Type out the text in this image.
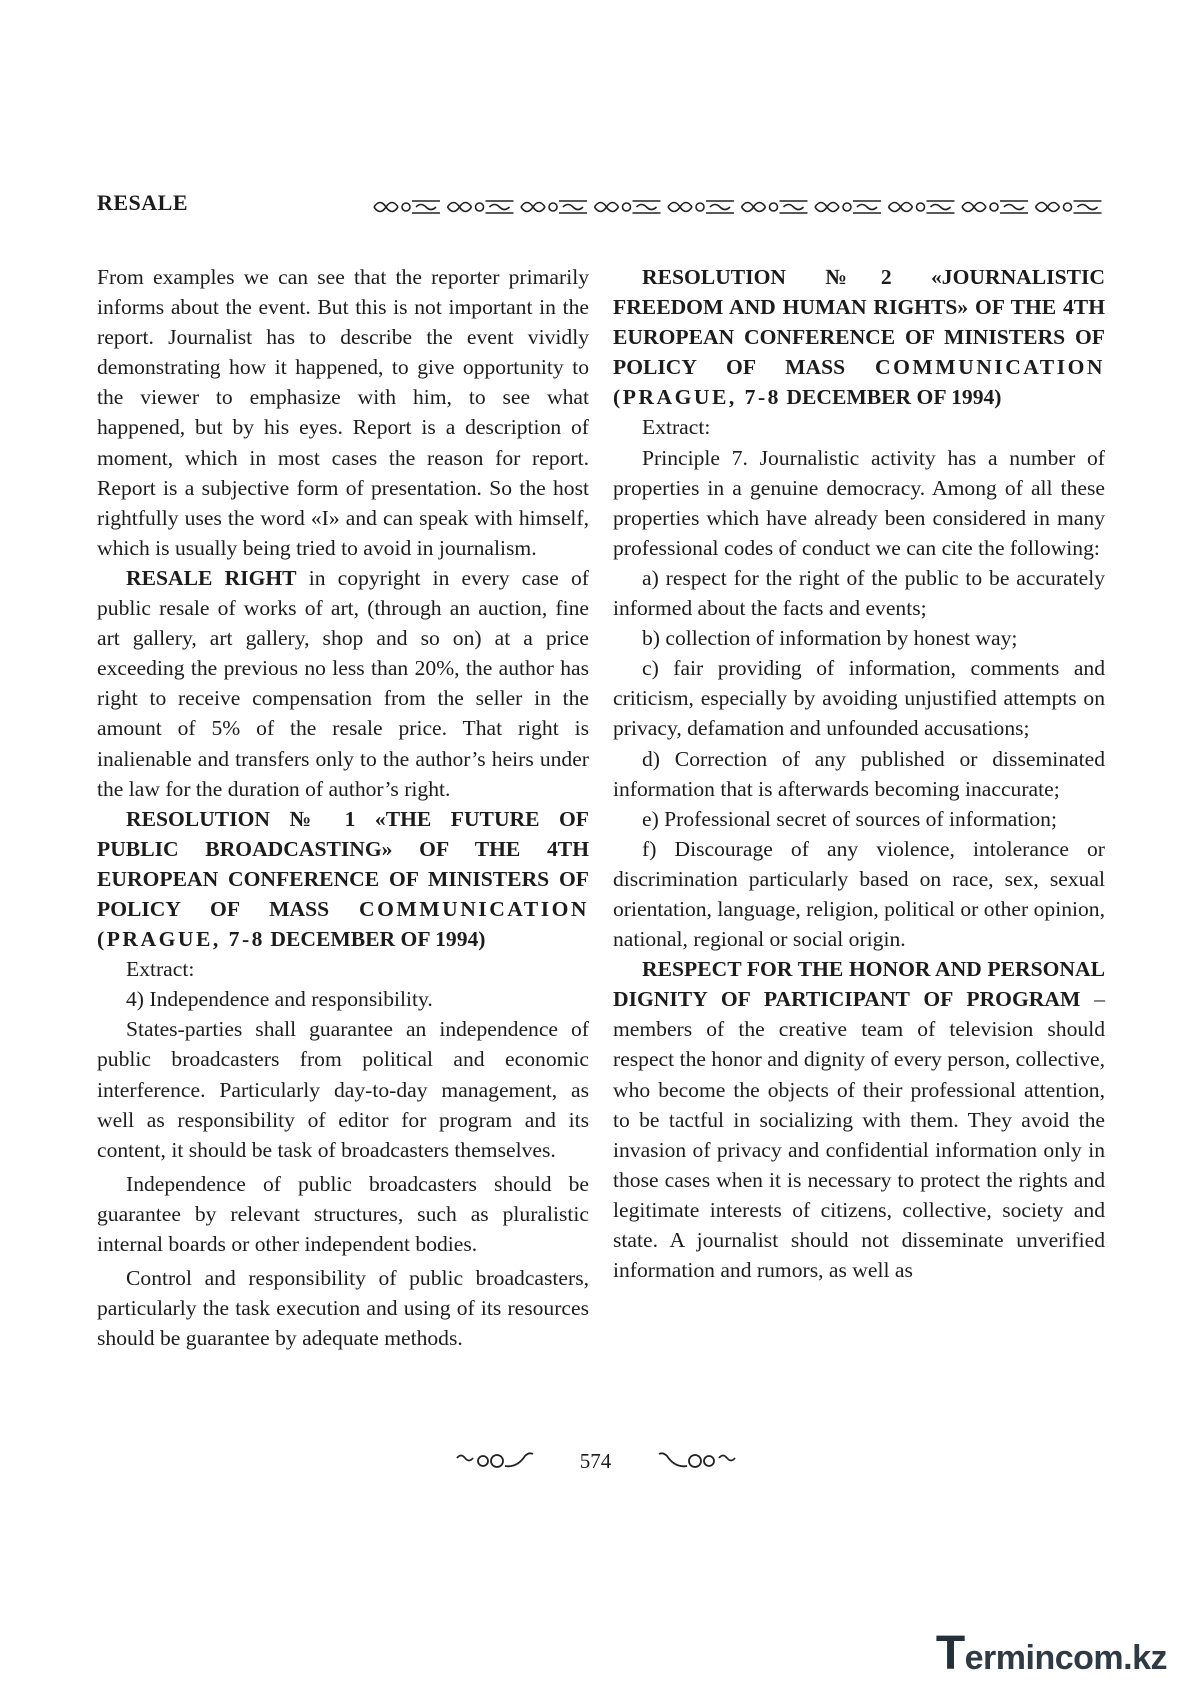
RESALE

From examples we can see that the reporter primarily informs about the event. But this is not important in the report. Journalist has to describe the event vividly demonstrating how it happened, to give opportunity to the viewer to emphasize with him, to see what happened, but by his eyes. Report is a description of moment, which in most cases the reason for report. Report is a subjective form of presentation. So the host rightfully uses the word «I» and can speak with himself, which is usually being tried to avoid in journalism.

RESALE RIGHT in copyright in every case of public resale of works of art, (through an auction, fine art gallery, art gallery, shop and so on) at a price exceeding the previous no less than 20%, the author has right to receive compensation from the seller in the amount of 5% of the resale price. That right is inalienable and transfers only to the author’s heirs under the law for the duration of author’s right.

RESOLUTION № 1 «THE FUTURE OF PUBLIC BROADCASTING» OF THE 4TH EUROPEAN CONFERENCE OF MINISTERS OF POLICY OF MASS COMMUNICATION (PRAGUE, 7-8 DECEMBER OF 1994)

Extract:

4) Independence and responsibility.

States-parties shall guarantee an independence of public broadcasters from political and economic interference. Particularly day-to-day management, as well as responsibility of editor for program and its content, it should be task of broadcasters themselves.

Independence of public broadcasters should be guarantee by relevant structures, such as pluralistic internal boards or other independent bodies.

Control and responsibility of public broadcasters, particularly the task execution and using of its resources should be guarantee by adequate methods.

RESOLUTION №2 «JOURNALISTIC FREEDOM AND HUMAN RIGHTS» OF THE 4TH EUROPEAN CONFERENCE OF MINISTERS OF POLICY OF MASS COMMUNICATION (PRAGUE, 7-8 DECEMBER OF 1994)

Extract:

Principle 7. Journalistic activity has a number of properties in a genuine democracy. Among of all these properties which have already been considered in many professional codes of conduct we can cite the following:

a) respect for the right of the public to be accurately informed about the facts and events;

b) collection of information by honest way;

c) fair providing of information, comments and criticism, especially by avoiding unjustified attempts on privacy, defamation and unfounded accusations;

d) Correction of any published or disseminated information that is afterwards becoming inaccurate;

e) Professional secret of sources of information;

f) Discourage of any violence, intolerance or discrimination particularly based on race, sex, sexual orientation, language, religion, political or other opinion, national, regional or social origin.

RESPECT FOR THE HONOR AND PERSONAL DIGNITY OF PARTICIPANT OF PROGRAM – members of the creative team of television should respect the honor and dignity of every person, collective, who become the objects of their professional attention, to be tactful in socializing with them. They avoid the invasion of privacy and confidential information only in those cases when it is necessary to protect the rights and legitimate interests of citizens, collective, society and state. A journalist should not disseminate unverified information and rumors, as well as

574
Termincom.kz
